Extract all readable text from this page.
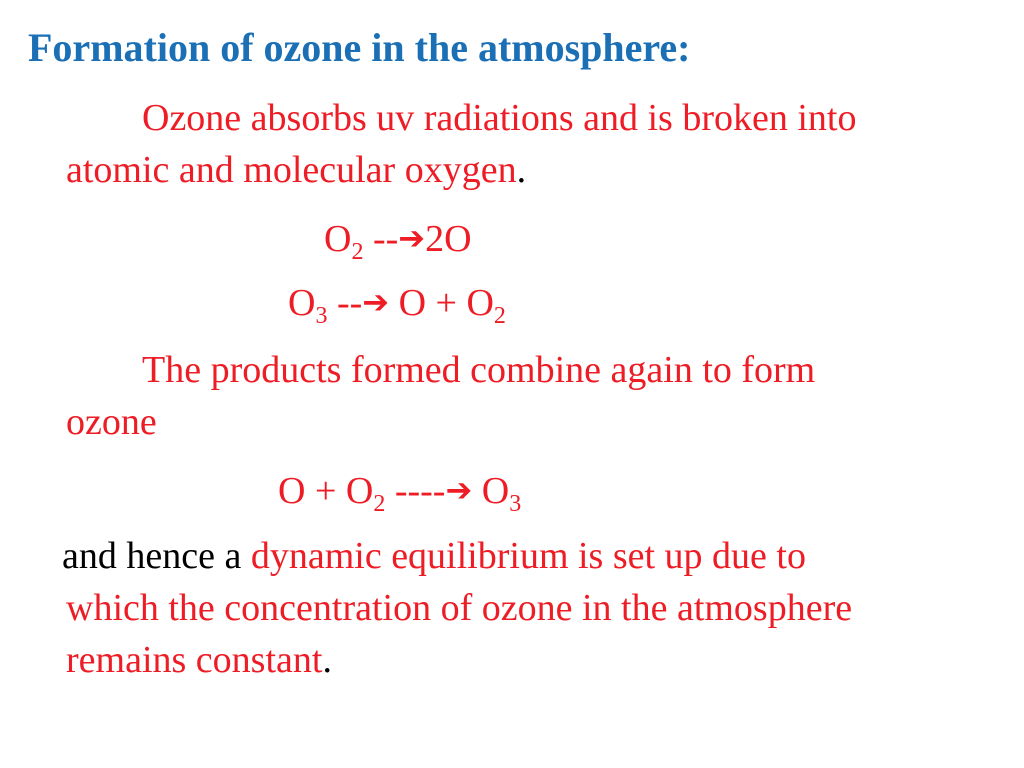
Formation of ozone in the atmosphere:
Ozone absorbs uv radiations and is broken into
atomic and molecular oxygen.
$O_2$ --➔2O
$O_3$ --➔ $O + O_2$
The products formed combine again to form
ozone
$O + O_2$ ----➔ $O_3$
and hence a dynamic equilibrium is set up due to
which the concentration of ozone in the atmosphere
remains constant.
